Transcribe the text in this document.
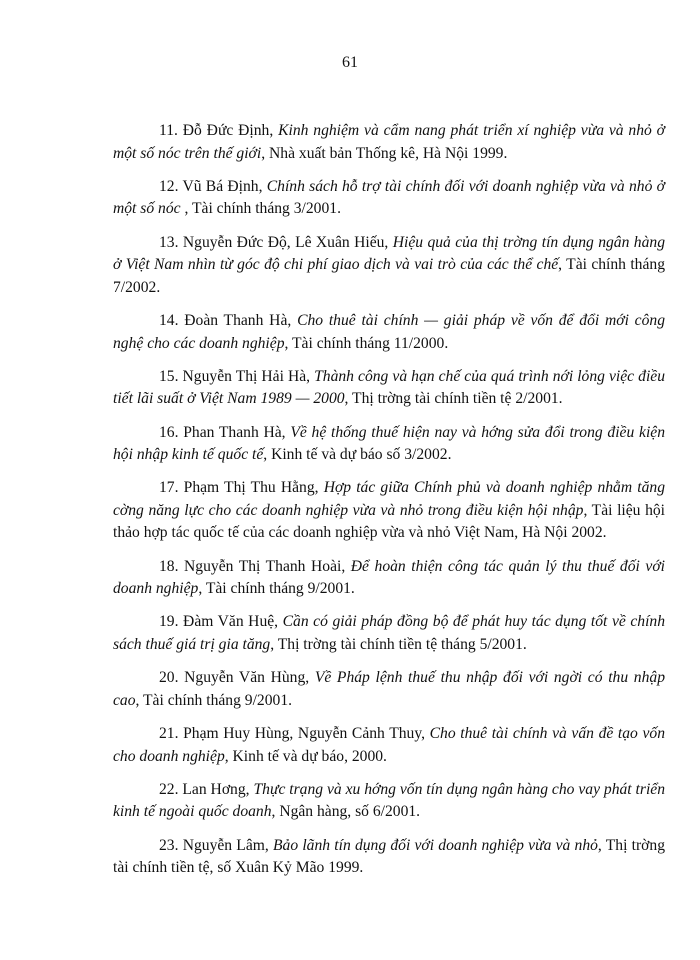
61

11. Đỗ Đức Định, Kinh nghiệm và cẩm nang phát triển xí nghiệp vừa và nhỏ ở một số nóc trên thế giới, Nhà xuất bản Thống kê, Hà Nội 1999.

12. Vũ Bá Định, Chính sách hỗ trợ tài chính đối với doanh nghiệp vừa và nhỏ ở một số nóc , Tài chính tháng 3/2001.

13. Nguyễn Đức Độ, Lê Xuân Hiếu, Hiệu quả của thị trờng tín dụng ngân hàng ở Việt Nam nhìn từ góc độ chi phí giao dịch và vai trò của các thể chế, Tài chính tháng 7/2002.

14. Đoàn Thanh Hà, Cho thuê tài chính — giải pháp về vốn để đổi mới công nghệ cho các doanh nghiệp, Tài chính tháng 11/2000.

15. Nguyễn Thị Hải Hà, Thành công và hạn chế của quá trình nới lỏng việc điều tiết lãi suất ở Việt Nam 1989 — 2000, Thị trờng tài chính tiền tệ 2/2001.

16. Phan Thanh Hà, Về hệ thống thuế hiện nay và hớng sửa đổi trong điều kiện hội nhập kinh tế quốc tế, Kinh tế và dự báo số 3/2002.

17. Phạm Thị Thu Hằng, Hợp tác giữa Chính phủ và doanh nghiệp nhằm tăng cờng năng lực cho các doanh nghiệp vừa và nhỏ trong điều kiện hội nhập, Tài liệu hội thảo hợp tác quốc tế của các doanh nghiệp vừa và nhỏ Việt Nam, Hà Nội 2002.

18. Nguyễn Thị Thanh Hoài, Để hoàn thiện công tác quản lý thu thuế đối với doanh nghiệp, Tài chính tháng 9/2001.

19. Đàm Văn Huệ, Cần có giải pháp đồng bộ để phát huy tác dụng tốt về chính sách thuế giá trị gia tăng, Thị trờng tài chính tiền tệ tháng 5/2001.

20. Nguyễn Văn Hùng, Về Pháp lệnh thuế thu nhập đối với ngời có thu nhập cao, Tài chính tháng 9/2001.

21. Phạm Huy Hùng, Nguyễn Cảnh Thuy, Cho thuê tài chính và vấn đề tạo vốn cho doanh nghiệp, Kinh tế và dự báo, 2000.

22. Lan Hơng, Thực trạng và xu hớng vốn tín dụng ngân hàng cho vay phát triển kinh tế ngoài quốc doanh, Ngân hàng, số 6/2001.

23. Nguyễn Lâm, Bảo lãnh tín dụng đối với doanh nghiệp vừa và nhỏ, Thị trờng tài chính tiền tệ, số Xuân Kỷ Mão 1999.
